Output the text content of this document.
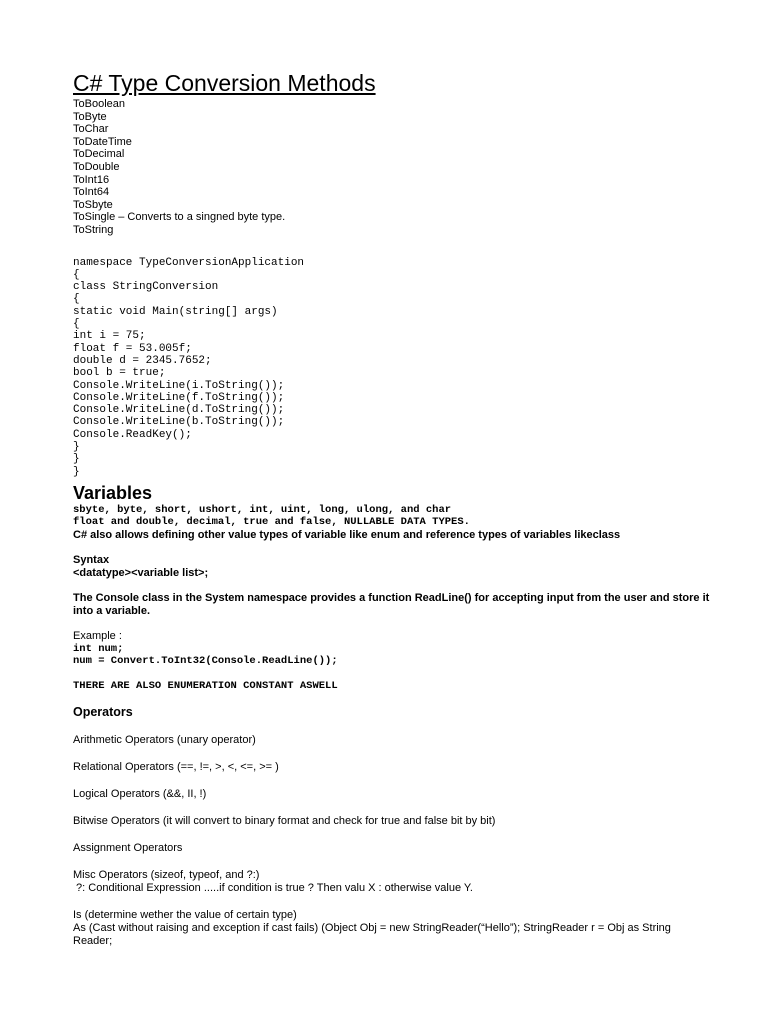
C# Type Conversion Methods
ToBoolean
ToByte
ToChar
ToDateTime
ToDecimal
ToDouble
ToInt16
ToInt64
ToSbyte
ToSingle – Converts to a singned byte type.
ToString
namespace TypeConversionApplication
{
class StringConversion
{
static void Main(string[] args)
{
int i = 75;
float f = 53.005f;
double d = 2345.7652;
bool b = true;
Console.WriteLine(i.ToString());
Console.WriteLine(f.ToString());
Console.WriteLine(d.ToString());
Console.WriteLine(b.ToString());
Console.ReadKey();
}
}
}
Variables
sbyte, byte, short, ushort, int, uint, long, ulong, and char
float and double, decimal, true and false, NULLABLE DATA TYPES.
C# also allows defining other value types of variable like enum and reference types of variables likeclass
Syntax
<datatype><variable list>;
The Console class in the System namespace provides a function ReadLine() for accepting input from the user and store it into a variable.
Example :
int num;
num = Convert.ToInt32(Console.ReadLine());
THERE ARE ALSO ENUMERATION CONSTANT ASWELL
Operators
Arithmetic Operators (unary operator)
Relational Operators (==, !=, >, <, <=, >= )
Logical Operators (&&, II, !)
Bitwise Operators (it will convert to binary format and check for true and false bit by bit)
Assignment Operators
Misc Operators (sizeof, typeof, and ?:)
?: Conditional Expression .....if condition is true ? Then valu X : otherwise value Y.
Is (determine wether the value of certain type)
As (Cast without raising and exception if cast fails) (Object Obj = new StringReader(“Hello”); StringReader r = Obj as String Reader;
